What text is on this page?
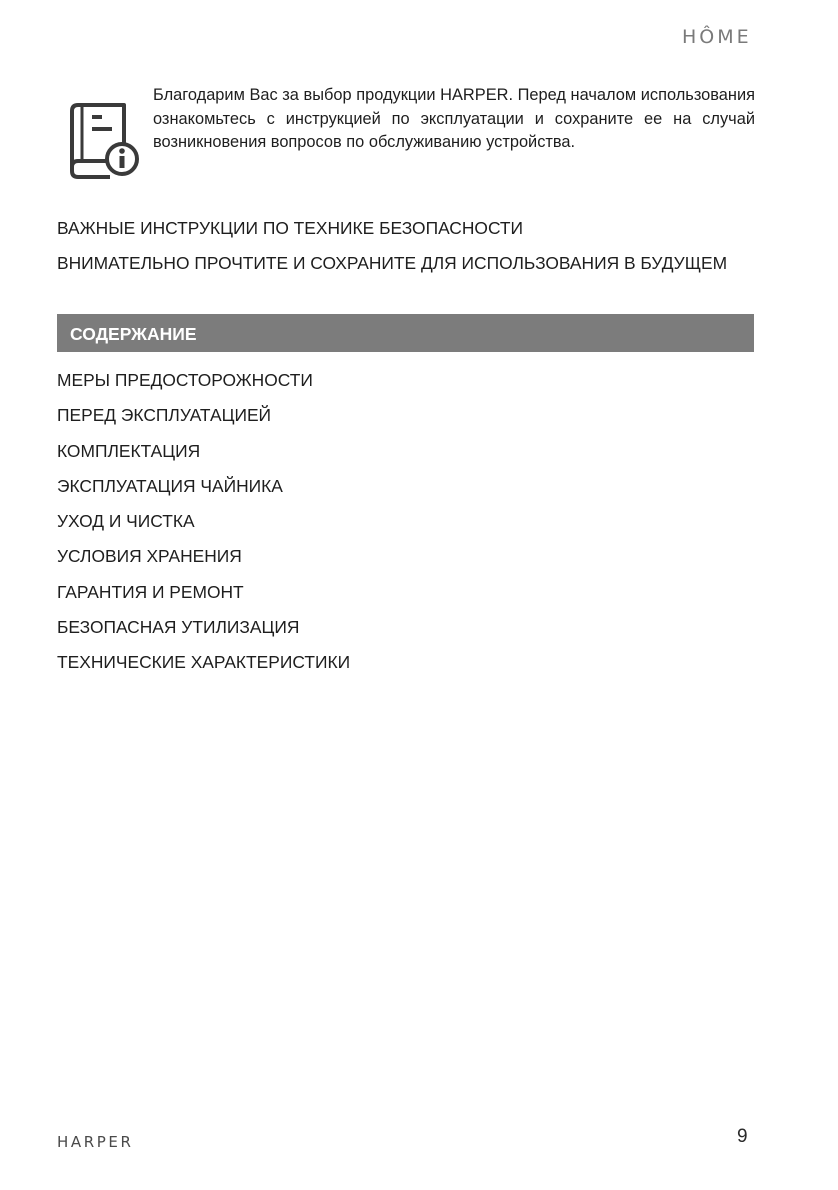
HÔME

Благодарим Вас за выбор продукции HARPER. Перед началом использования ознакомьтесь с инструкцией по эксплуатации и сохраните ее на случай возникновения вопросов по обслуживанию устройства.

ВАЖНЫЕ ИНСТРУКЦИИ ПО ТЕХНИКЕ БЕЗОПАСНОСТИ

ВНИМАТЕЛЬНО ПРОЧТИТЕ И СОХРАНИТЕ ДЛЯ ИСПОЛЬЗОВАНИЯ В БУДУЩЕМ

СОДЕРЖАНИЕ
МЕРЫ ПРЕДОСТОРОЖНОСТИ
ПЕРЕД ЭКСПЛУАТАЦИЕЙ
КОМПЛЕКТАЦИЯ
ЭКСПЛУАТАЦИЯ ЧАЙНИКА
УХОД И ЧИСТКА
УСЛОВИЯ ХРАНЕНИЯ
ГАРАНТИЯ И РЕМОНТ
БЕЗОПАСНАЯ УТИЛИЗАЦИЯ
ТЕХНИЧЕСКИЕ ХАРАКТЕРИСТИКИ
HARPER	9
